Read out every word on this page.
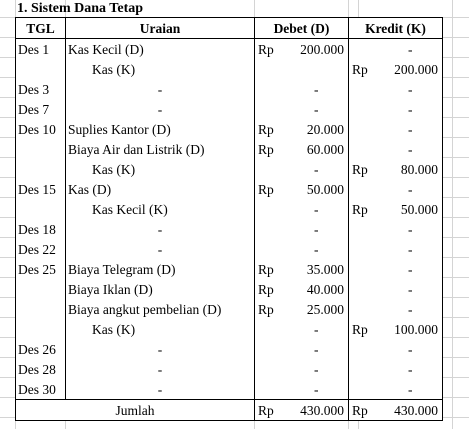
1. Sistem Dana Tetap
TGL	Uraian	Debet (D)		Kredit (K)	
Des 1	Kas Kecil (D)	Rp	200.000		-
	Kas (K)			Rp	200.000
Des 3	-		-		-
Des 7	-		-		-
Des 10	Suplies Kantor (D)	Rp	20.000		-
	Biaya Air dan Listrik (D)	Rp	60.000		-
	Kas (K)		-	Rp	80.000
Des 15	Kas (D)	Rp	50.000		-
	Kas Kecil (K)		-	Rp	50.000
Des 18	-		-		-
Des 22	-		-		-
Des 25	Biaya Telegram (D)	Rp	35.000		-
	Biaya Iklan (D)	Rp	40.000		-
	Biaya angkut pembelian (D)	Rp	25.000		-
	Kas (K)		-	Rp	100.000
Des 26	-		-		-
Des 28	-		-		-
Des 30	-		-		-
Jumlah		Rp	430.000	Rp	430.000
